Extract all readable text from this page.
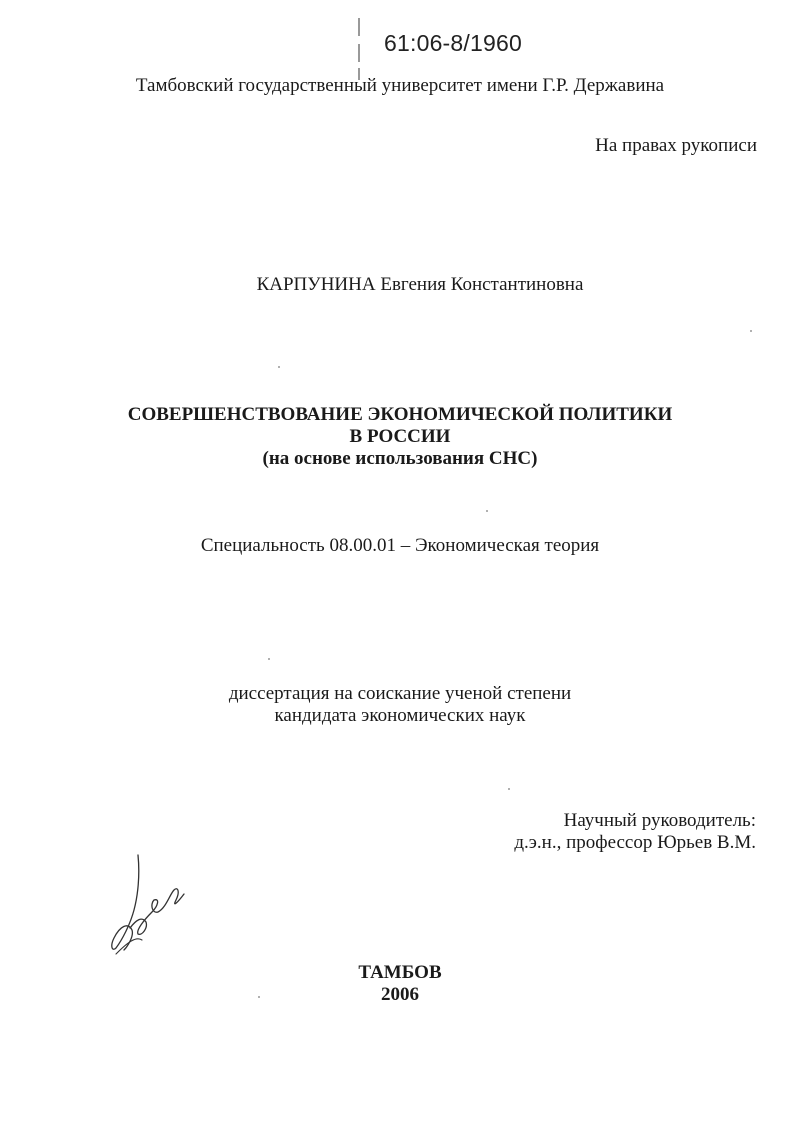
61:06-8/1960
Тамбовский государственный университет имени Г.Р. Державина
На правах рукописи
КАРПУНИНА Евгения Константиновна
СОВЕРШЕНСТВОВАНИЕ ЭКОНОМИЧЕСКОЙ ПОЛИТИКИ
В РОССИИ
(на основе использования СНС)
Специальность 08.00.01 – Экономическая теория
диссертация на соискание ученой степени
кандидата экономических наук
Научный руководитель:
д.э.н., профессор Юрьев В.М.
ТАМБОВ
2006
